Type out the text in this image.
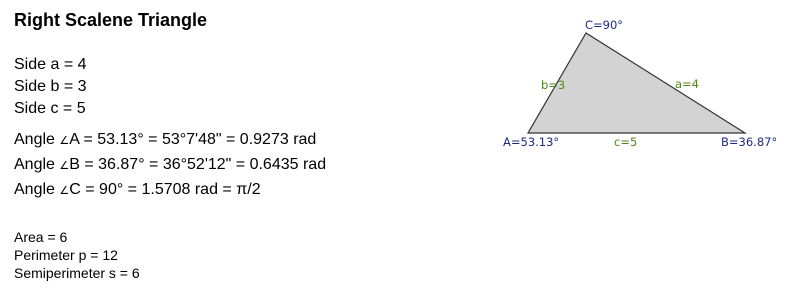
Right Scalene Triangle
Side a = 4
Side b = 3
Side c = 5
Angle ∠A = 53.13° = 53°7'48" = 0.9273 rad
Angle ∠B = 36.87° = 36°52'12" = 0.6435 rad
Angle ∠C = 90° = 1.5708 rad = π/2
Area = 6
Perimeter p = 12
Semiperimeter s = 6
C=90°
A=53.13°	B=36.87°
b=3	a=4
c=5
